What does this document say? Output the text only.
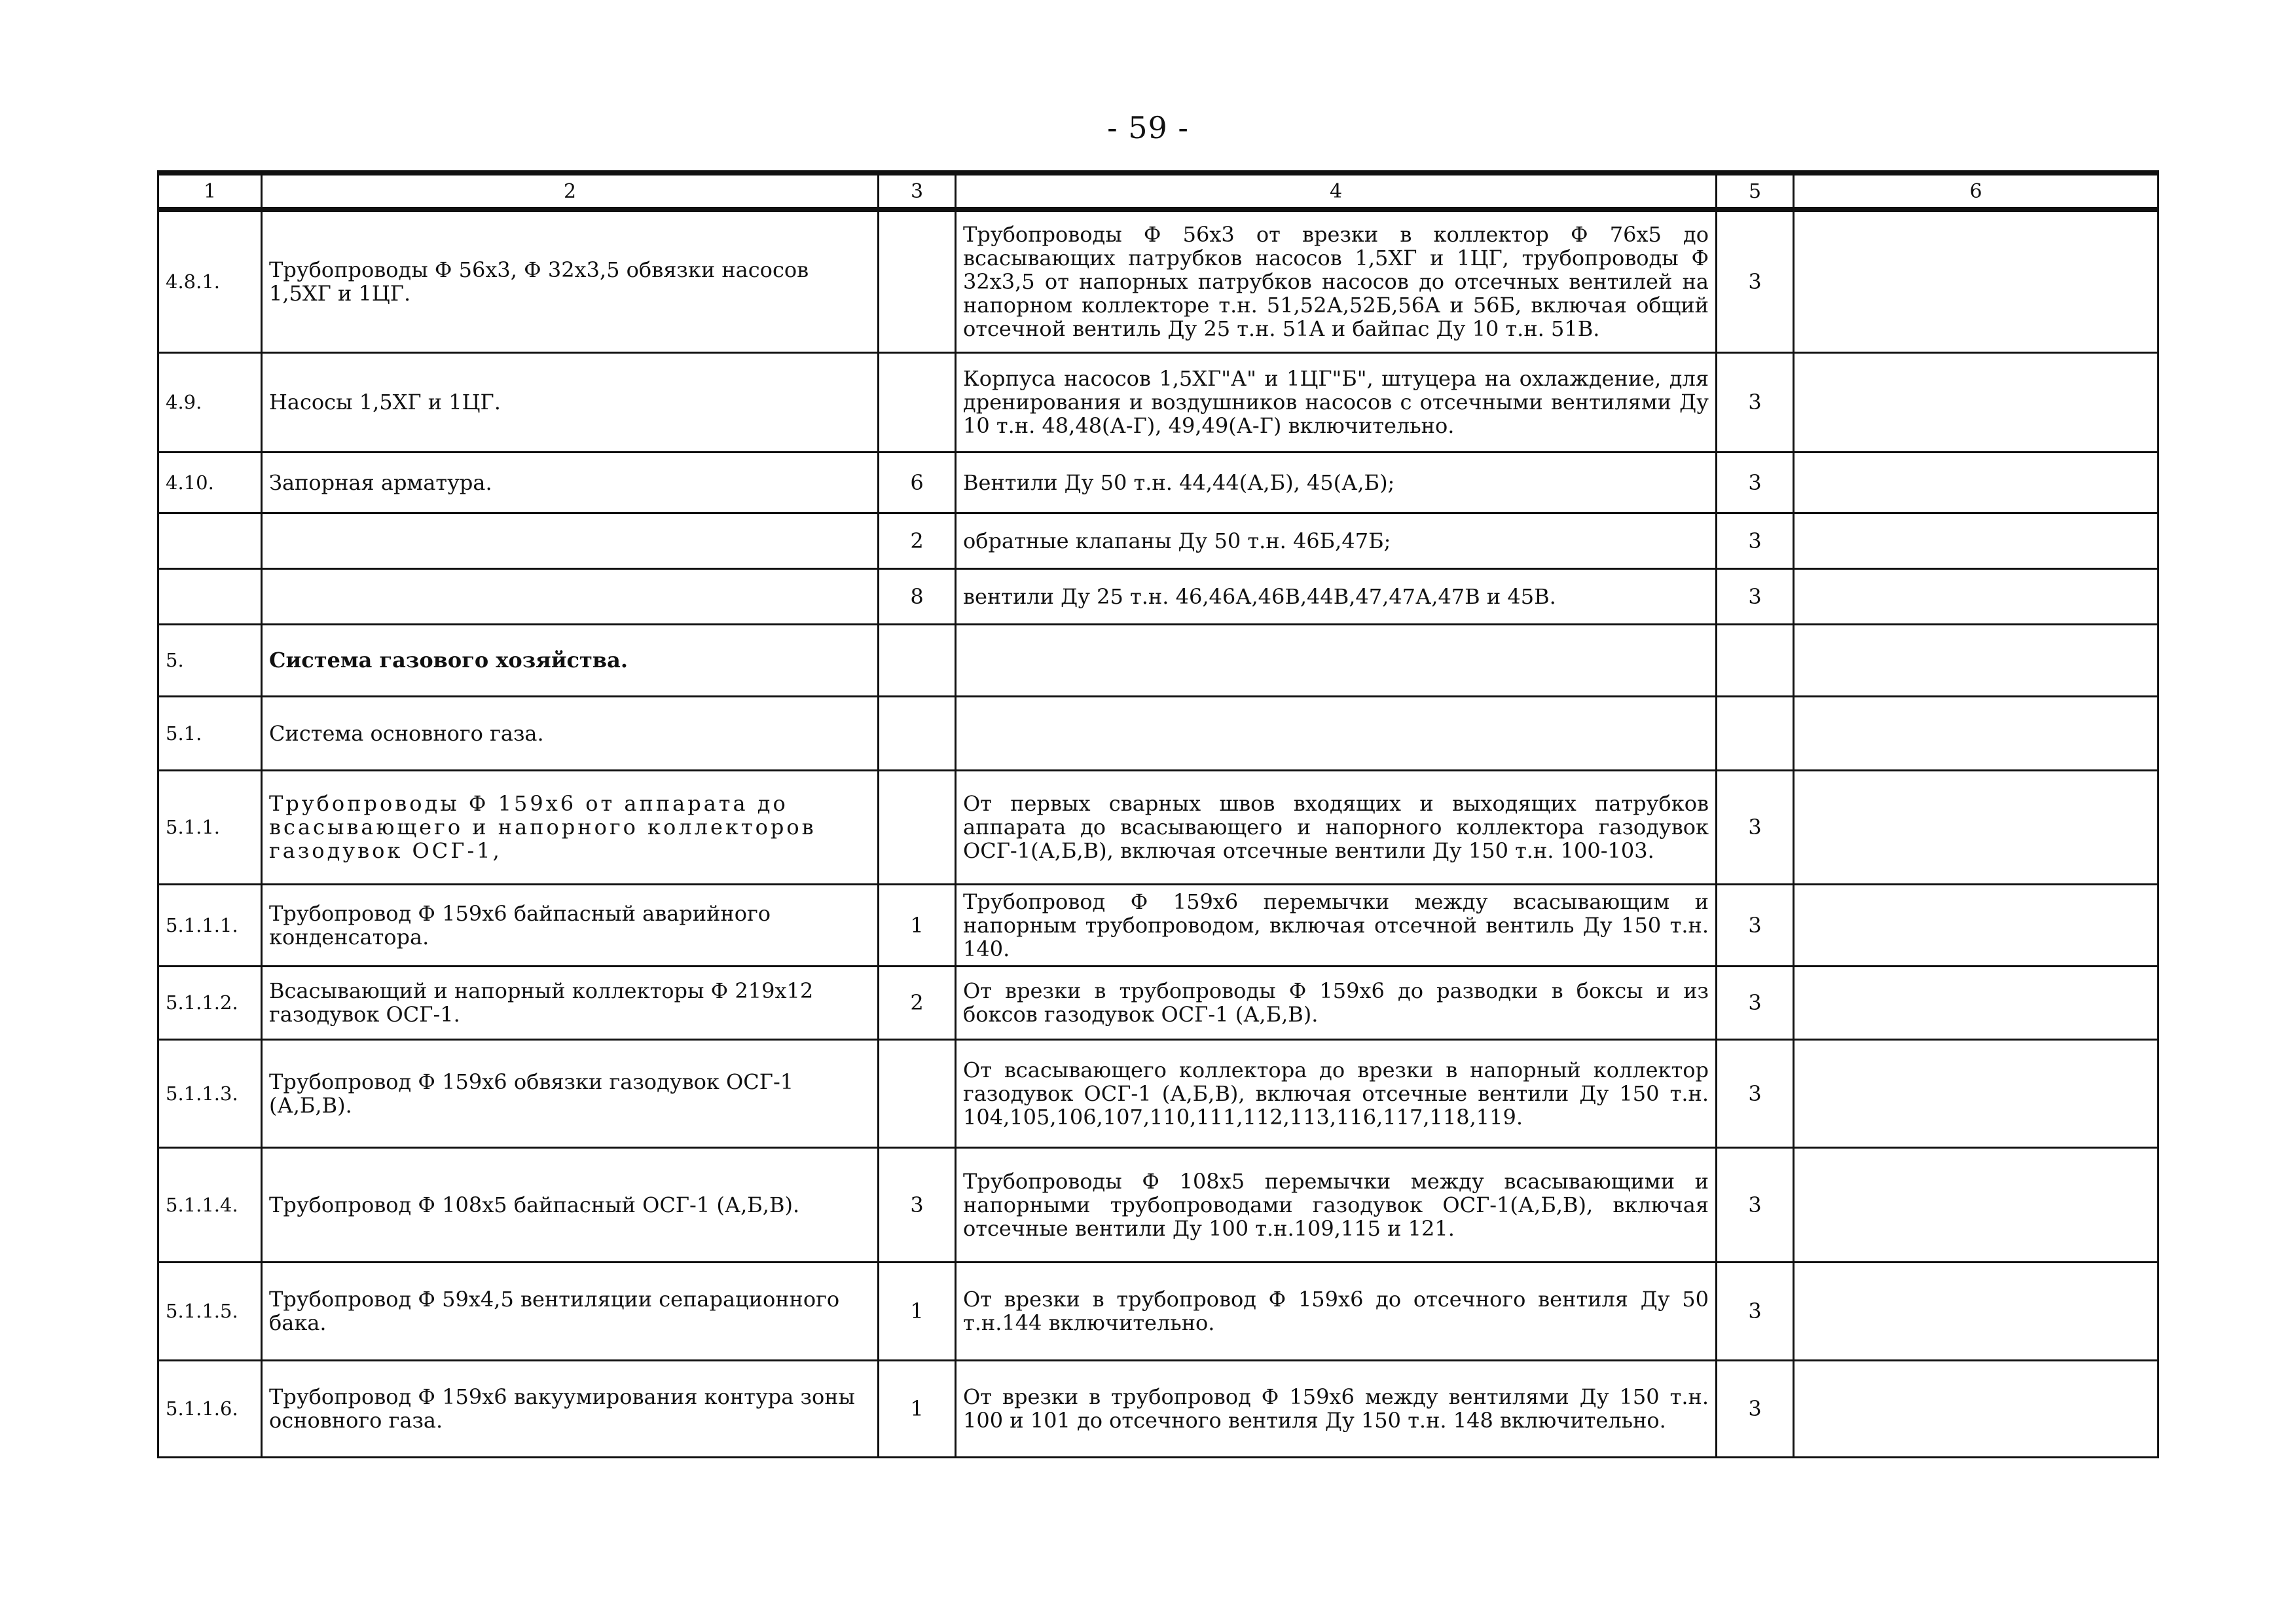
- 59 -
1	2	3	4	5	6
4.8.1.	Трубопроводы Ф 56х3, Ф 32х3,5 обвязки насосов 1,5ХГ и 1ЦГ.		Трубопроводы Ф 56х3 от врезки в коллектор Ф 76х5 до всасывающих патрубков насосов 1,5ХГ и 1ЦГ, трубопроводы Ф 32х3,5 от напорных патрубков насосов до отсечных вентилей на напорном коллекторе т.н. 51,52А,52Б,56А и 56Б, включая общий отсечной вентиль Ду 25 т.н. 51А и байпас Ду 10 т.н. 51В.	3	
4.9.	Насосы 1,5ХГ и 1ЦГ.		Корпуса насосов 1,5ХГ"А" и 1ЦГ"Б", штуцера на охлаждение, для дренирования и воздушников насосов с отсечными вентилями Ду 10 т.н. 48,48(А-Г), 49,49(А-Г) включительно.	3	
4.10.	Запорная арматура.	6	Вентили Ду 50 т.н. 44,44(А,Б), 45(А,Б);	3	
		2	обратные клапаны Ду 50 т.н. 46Б,47Б;	3	
		8	вентили Ду 25 т.н. 46,46А,46В,44В,47,47А,47В и 45В.	3	
5.	Система газового хозяйства.				
5.1.	Система основного газа.				
5.1.1.	Трубопроводы Ф 159х6 от аппарата до всасывающего и напорного коллекторов газодувок ОСГ-1,		От первых сварных швов входящих и выходящих патрубков аппарата до всасывающего и напорного коллектора газодувок ОСГ-1(А,Б,В), включая отсечные вентили Ду 150 т.н. 100-103.	3	
5.1.1.1.	Трубопровод Ф 159х6 байпасный аварийного конденсатора.	1	Трубопровод Ф 159х6 перемычки между всасывающим и напорным трубопроводом, включая отсечной вентиль Ду 150 т.н. 140.	3	
5.1.1.2.	Всасывающий и напорный коллекторы Ф 219х12 газодувок ОСГ-1.	2	От врезки в трубопроводы Ф 159х6 до разводки в боксы и из боксов газодувок ОСГ-1 (А,Б,В).	3	
5.1.1.3.	Трубопровод Ф 159х6 обвязки газодувок ОСГ-1 (А,Б,В).		От всасывающего коллектора до врезки в напорный коллектор газодувок ОСГ-1 (А,Б,В), включая отсечные вентили Ду 150 т.н. 104,105,106,107,110,111,112,113,116,117,118,119.	3	
5.1.1.4.	Трубопровод Ф 108х5 байпасный ОСГ-1 (А,Б,В).	3	Трубопроводы Ф 108х5 перемычки между всасывающими и напорными трубопроводами газодувок ОСГ-1(А,Б,В), включая отсечные вентили Ду 100 т.н.109,115 и 121.	3	
5.1.1.5.	Трубопровод Ф 59х4,5 вентиляции сепарационного бака.	1	От врезки в трубопровод Ф 159х6 до отсечного вентиля Ду 50 т.н.144 включительно.	3	
5.1.1.6.	Трубопровод Ф 159х6 вакуумирования контура зоны основного газа.	1	От врезки в трубопровод Ф 159х6 между вентилями Ду 150 т.н. 100 и 101 до отсечного вентиля Ду 150 т.н. 148 включительно.	3	
